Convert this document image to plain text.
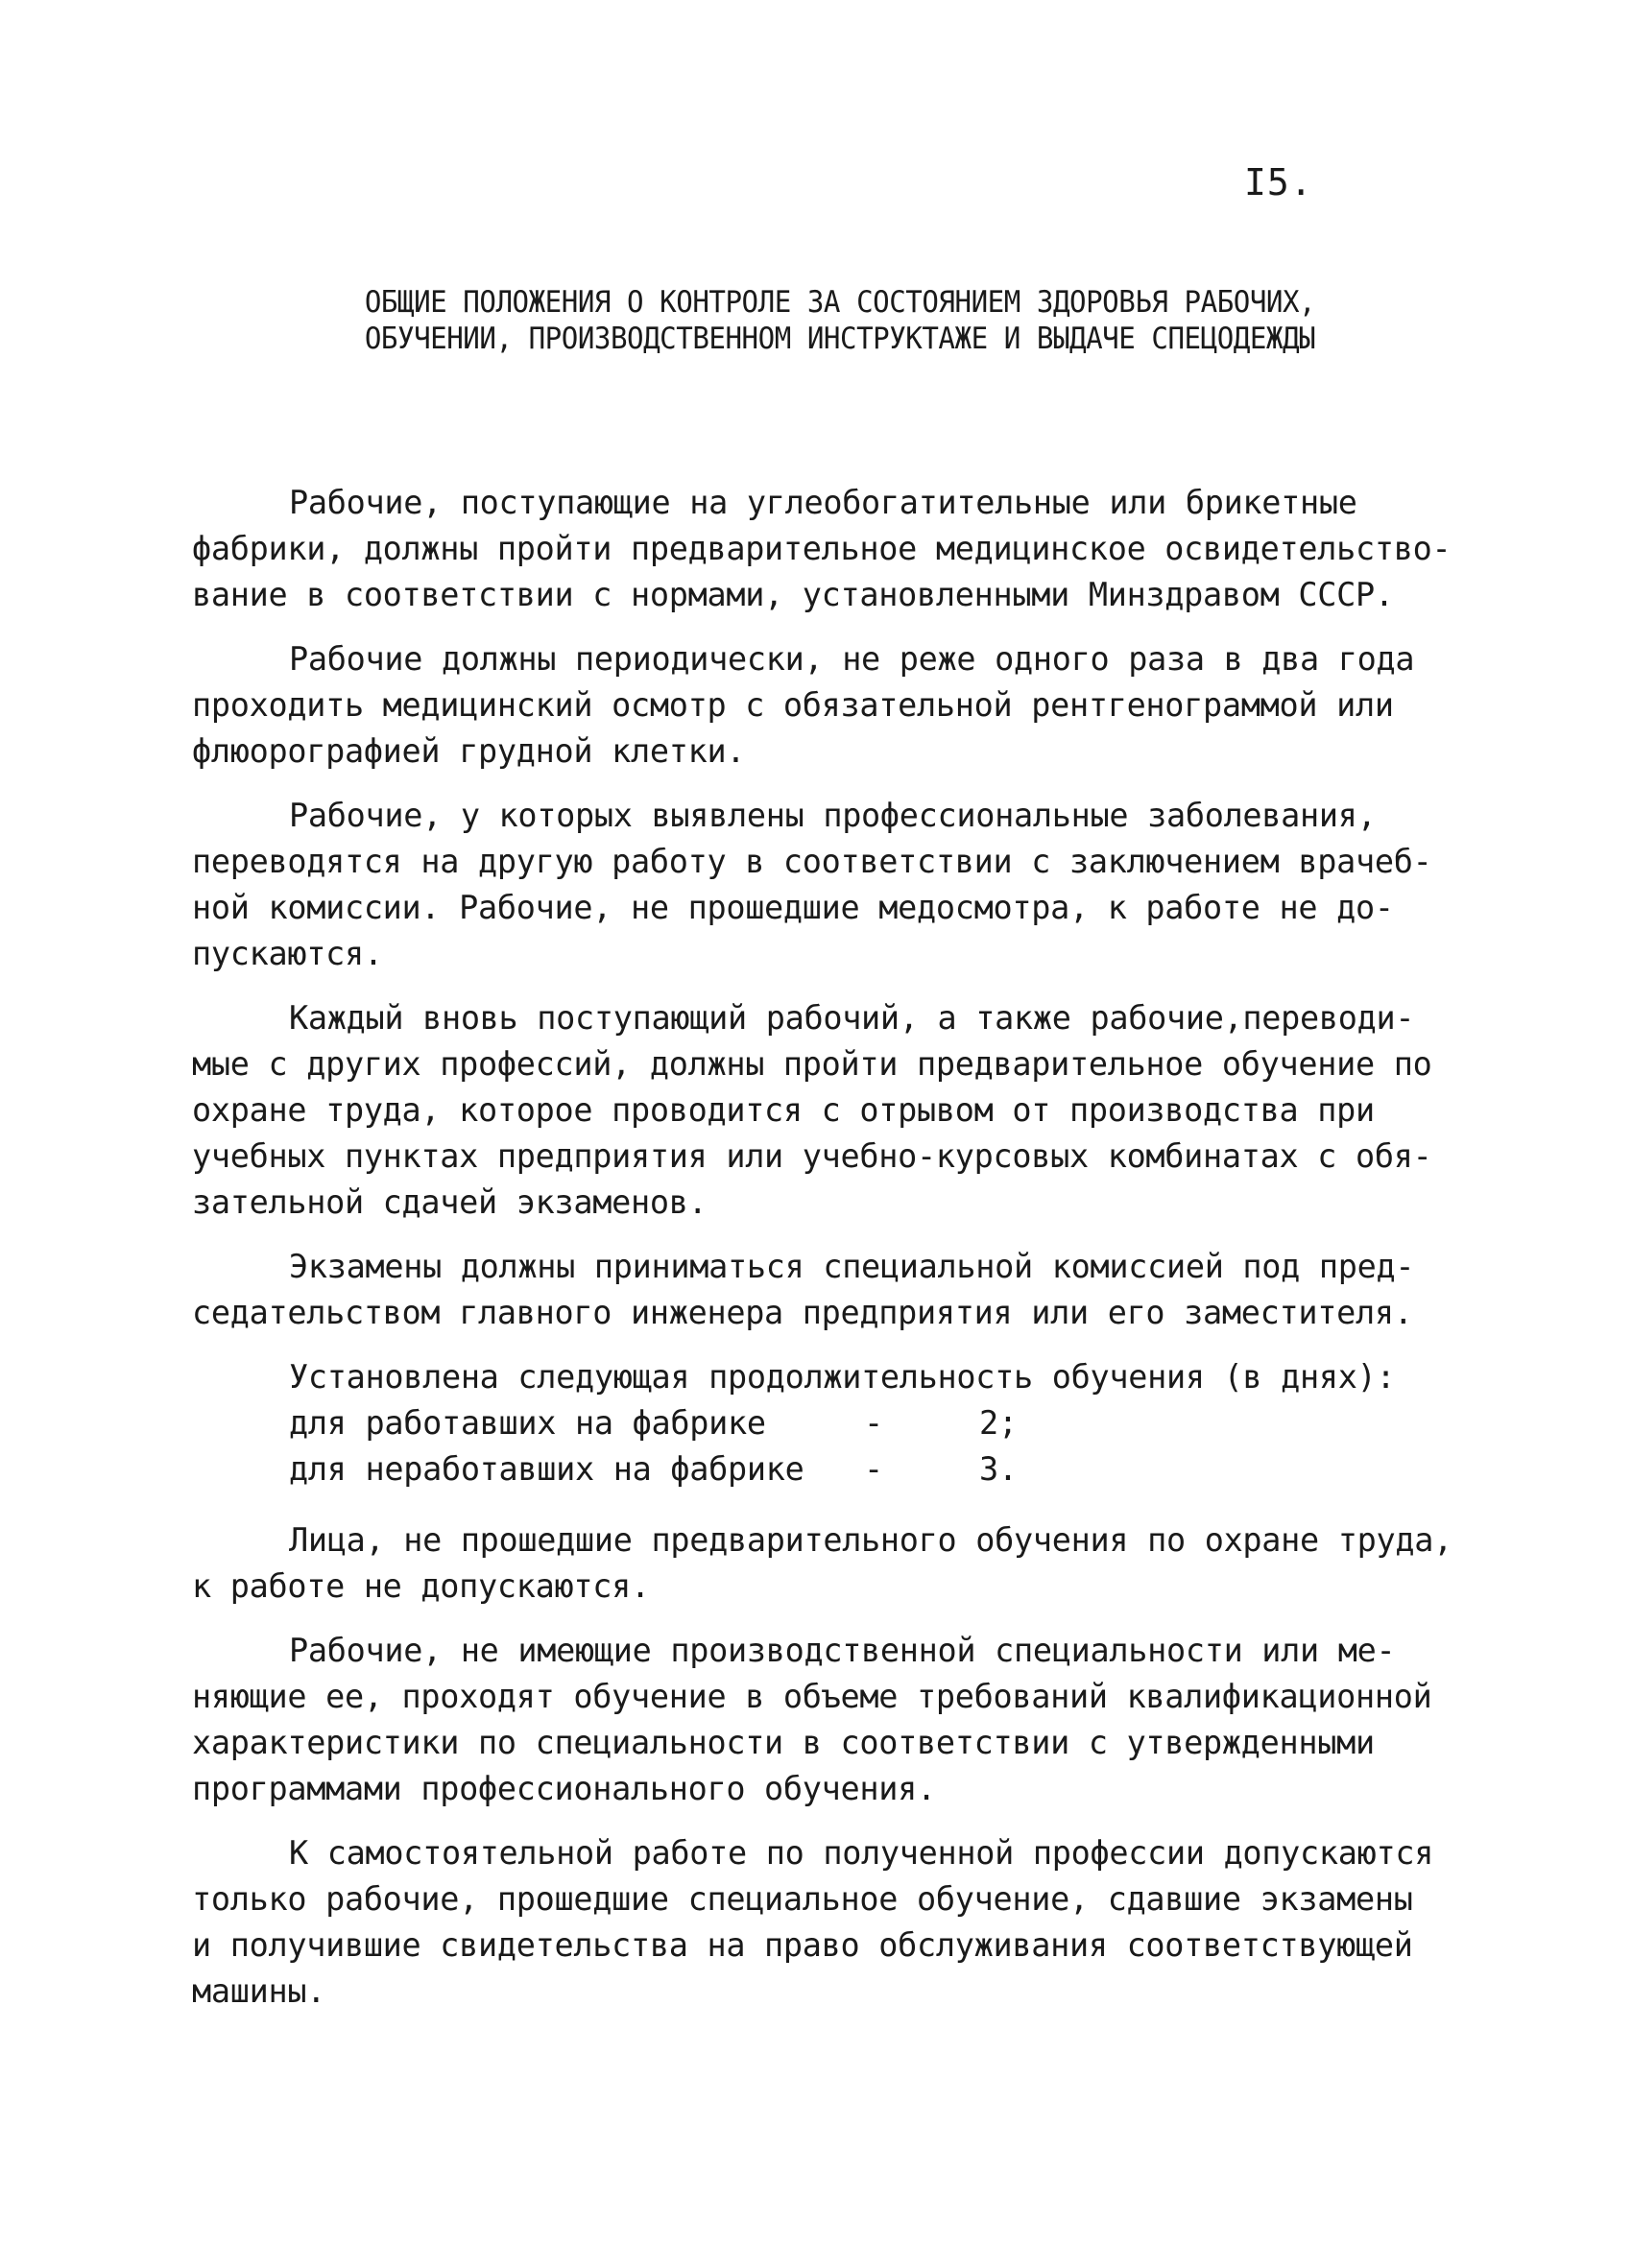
I5.
ОБЩИЕ ПОЛОЖЕНИЯ О КОНТРОЛЕ ЗА СОСТОЯНИЕМ ЗДОРОВЬЯ РАБОЧИХ,
ОБУЧЕНИИ, ПРОИЗВОДСТВЕННОМ ИНСТРУКТАЖЕ И ВЫДАЧЕ СПЕЦОДЕЖДЫ
Рабочие, поступающие на углеобогатительные или брикетные
фабрики, должны пройти предварительное медицинское освидетельство-
вание в соответствии с нормами, установленными Минздравом СССР.
Рабочие должны периодически, не реже одного раза в два года
проходить медицинский осмотр с обязательной рентгенограммой или
флюорографией грудной клетки.
Рабочие, у которых выявлены профессиональные заболевания,
переводятся на другую работу в соответствии с заключением врачеб-
ной комиссии. Рабочие, не прошедшие медосмотра, к работе не до-
пускаются.
Каждый вновь поступающий рабочий, а также рабочие,переводи-
мые с других профессий, должны пройти предварительное обучение по
охране труда, которое проводится с отрывом от производства при
учебных пунктах предприятия или учебно-курсовых комбинатах с обя-
зательной сдачей экзаменов.
Экзамены должны приниматься специальной комиссией под пред-
седательством главного инженера предприятия или его заместителя.
Установлена следующая продолжительность обучения (в днях):
для работавших на фабрике	-	2;
для неработавших на фабрике -	3.
Лица, не прошедшие предварительного обучения по охране труда,
к работе не допускаются.
Рабочие, не имеющие производственной специальности или ме-
няющие ее, проходят обучение в объеме требований квалификационной
характеристики по специальности в соответствии с утвержденными
программами профессионального обучения.
К самостоятельной работе по полученной профессии допускаются
только рабочие, прошедшие специальное обучение, сдавшие экзамены
и получившие свидетельства на право обслуживания соответствующей
машины.
